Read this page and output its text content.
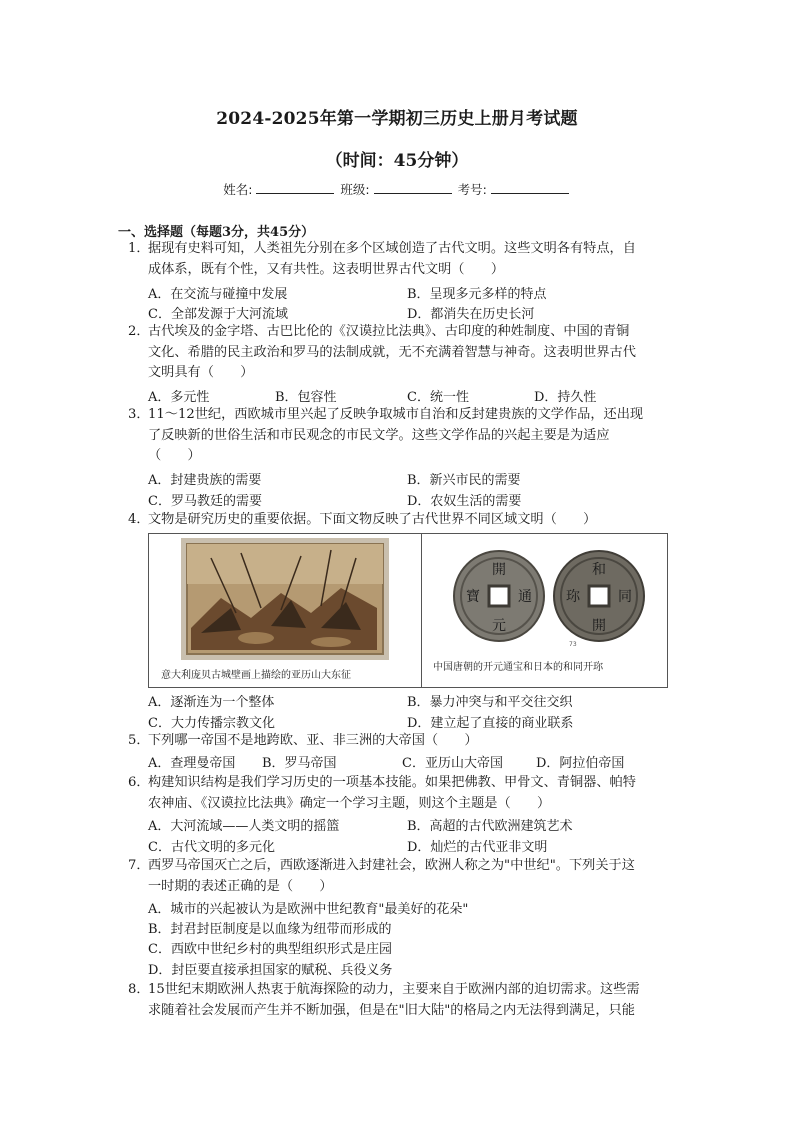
2024-2025年第一学期初三历史上册月考试题
（时间：45分钟）
姓名:	班级:	考号:
一、选择题（每题3分，共45分）
1．
据现有史料可知，人类祖先分别在多个区域创造了古代文明。这些文明各有特点，自
成体系，既有个性，又有共性。这表明世界古代文明（　　）
A．在交流与碰撞中发展	B．呈现多元多样的特点
C．全部发源于大河流域	D．都消失在历史长河
2．
古代埃及的金字塔、古巴比伦的《汉谟拉比法典》、古印度的种姓制度、中国的青铜
文化、希腊的民主政治和罗马的法制成就，无不充满着智慧与神奇。这表明世界古代
文明具有（　　）
A．多元性	B．包容性	C．统一性	D．持久性
3．
11～12世纪，西欧城市里兴起了反映争取城市自治和反封建贵族的文学作品，还出现
了反映新的世俗生活和市民观念的市民文学。这些文学作品的兴起主要是为适应
（　　）
A．封建贵族的需要	B．新兴市民的需要
C．罗马教廷的需要	D．农奴生活的需要
4．
文物是研究历史的重要依据。下面文物反映了古代世界不同区域文明（　　）
意大利庞贝古城壁画上描绘的亚历山大东征
開
通
元
寶
和
同
開
珎
73
中国唐朝的开元通宝和日本的和同开珎
A．逐渐连为一个整体	B．暴力冲突与和平交往交织
C．大力传播宗教文化	D．建立起了直接的商业联系
5．
下列哪一帝国不是地跨欧、亚、非三洲的大帝国（　　）
A．查理曼帝国 B．罗马帝国	C．亚历山大帝国	D．阿拉伯帝国
6．
构建知识结构是我们学习历史的一项基本技能。如果把佛教、甲骨文、青铜器、帕特
农神庙、《汉谟拉比法典》确定一个学习主题，则这个主题是（　　）
A．大河流域——人类文明的摇篮	B．高超的古代欧洲建筑艺术
C．古代文明的多元化	D．灿烂的古代亚非文明
7．
西罗马帝国灭亡之后，西欧逐渐进入封建社会，欧洲人称之为"中世纪"。下列关于这
一时期的表述正确的是（　　）
A．城市的兴起被认为是欧洲中世纪教育"最美好的花朵"
B．封君封臣制度是以血缘为纽带而形成的
C．西欧中世纪乡村的典型组织形式是庄园
D．封臣要直接承担国家的赋税、兵役义务
8．
15世纪末期欧洲人热衷于航海探险的动力，主要来自于欧洲内部的迫切需求。这些需
求随着社会发展而产生并不断加强，但是在"旧大陆"的格局之内无法得到满足，只能
